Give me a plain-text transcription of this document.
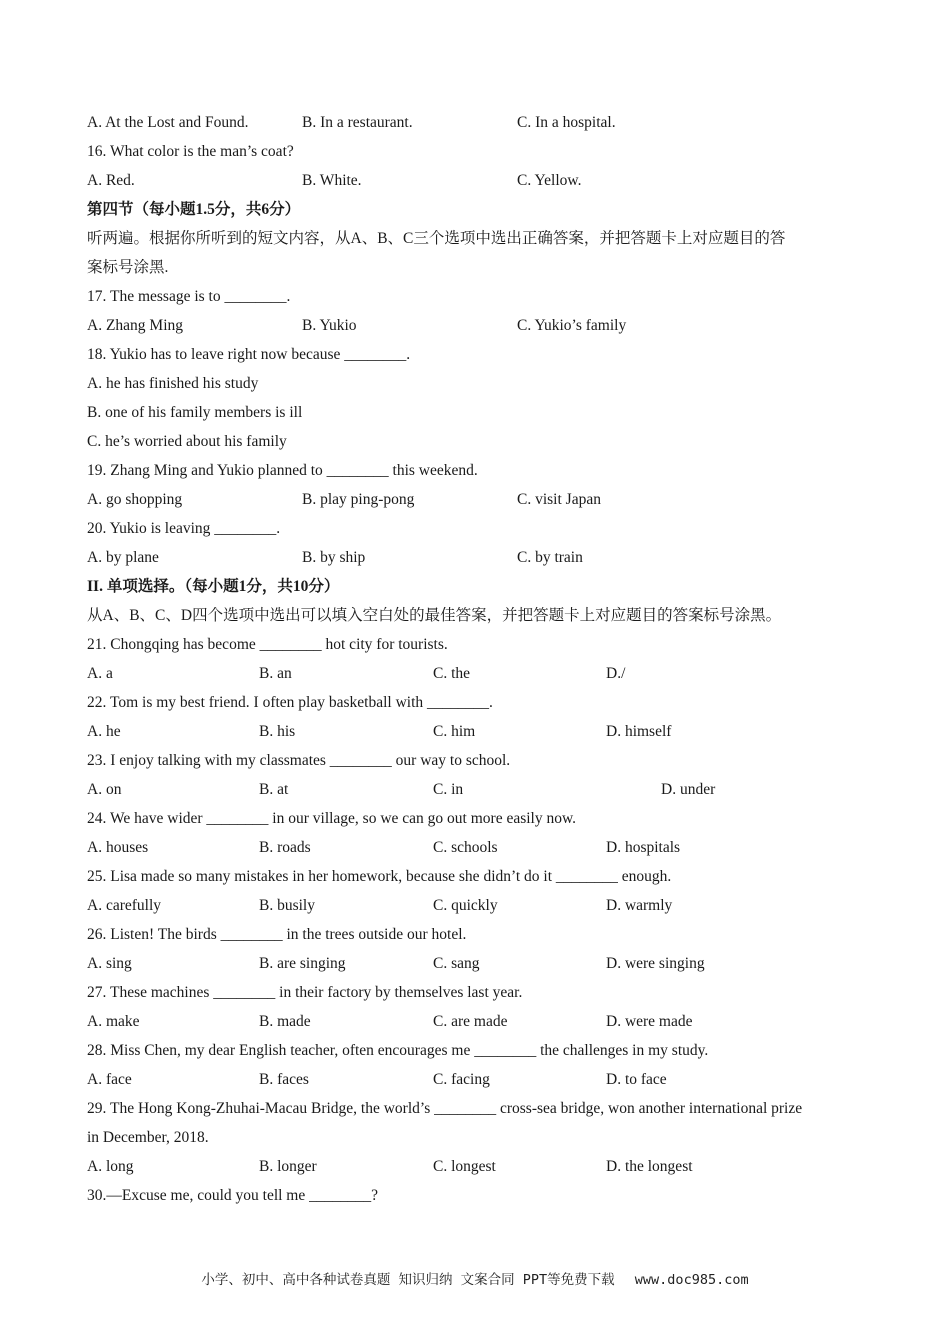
A. At the Lost and Found.	B. In a restaurant.	C. In a hospital.
16. What color is the man’s coat?
A. Red.	B. White.	C. Yellow.
第四节（每小题1.5分，共6分）
听两遍。根据你所听到的短文内容，从A、B、C三个选项中选出正确答案，并把答题卡上对应题目的答
案标号涂黑.
17. The message is to ________.
A. Zhang Ming	B. Yukio	C. Yukio’s family
18. Yukio has to leave right now because ________.
A. he has finished his study
B. one of his family members is ill
C. he’s worried about his family
19. Zhang Ming and Yukio planned to ________ this weekend.
A. go shopping	B. play ping-pong	C. visit Japan
20. Yukio is leaving ________.
A. by plane	B. by ship	C. by train
II. 单项选择。（每小题1分，共10分）
从A、B、C、D四个选项中选出可以填入空白处的最佳答案，并把答题卡上对应题目的答案标号涂黑。
21. Chongqing has become ________ hot city for tourists.
A. a	B. an	C. the	D./
22. Tom is my best friend. I often play basketball with ________.
A. he	B. his	C. him	D. himself
23. I enjoy talking with my classmates ________ our way to school.
A. on	B. at	C. in	D. under
24. We have wider ________ in our village, so we can go out more easily now.
A. houses	B. roads	C. schools	D. hospitals
25. Lisa made so many mistakes in her homework, because she didn’t do it ________ enough.
A. carefully	B. busily	C. quickly	D. warmly
26. Listen! The birds ________ in the trees outside our hotel.
A. sing	B. are singing	C. sang	D. were singing
27. These machines ________ in their factory by themselves last year.
A. make	B. made	C. are made	D. were made
28. Miss Chen, my dear English teacher, often encourages me ________ the challenges in my study.
A. face	B. faces	C. facing	D. to face
29. The Hong Kong-Zhuhai-Macau Bridge, the world’s ________ cross-sea bridge, won another international prize
in December, 2018.
A. long	B. longer	C. longest	D. the longest
30.—Excuse me, could you tell me ________?
小学、初中、高中各种试卷真题 知识归纳 文案合同 PPT等免费下载 www.doc985.com
